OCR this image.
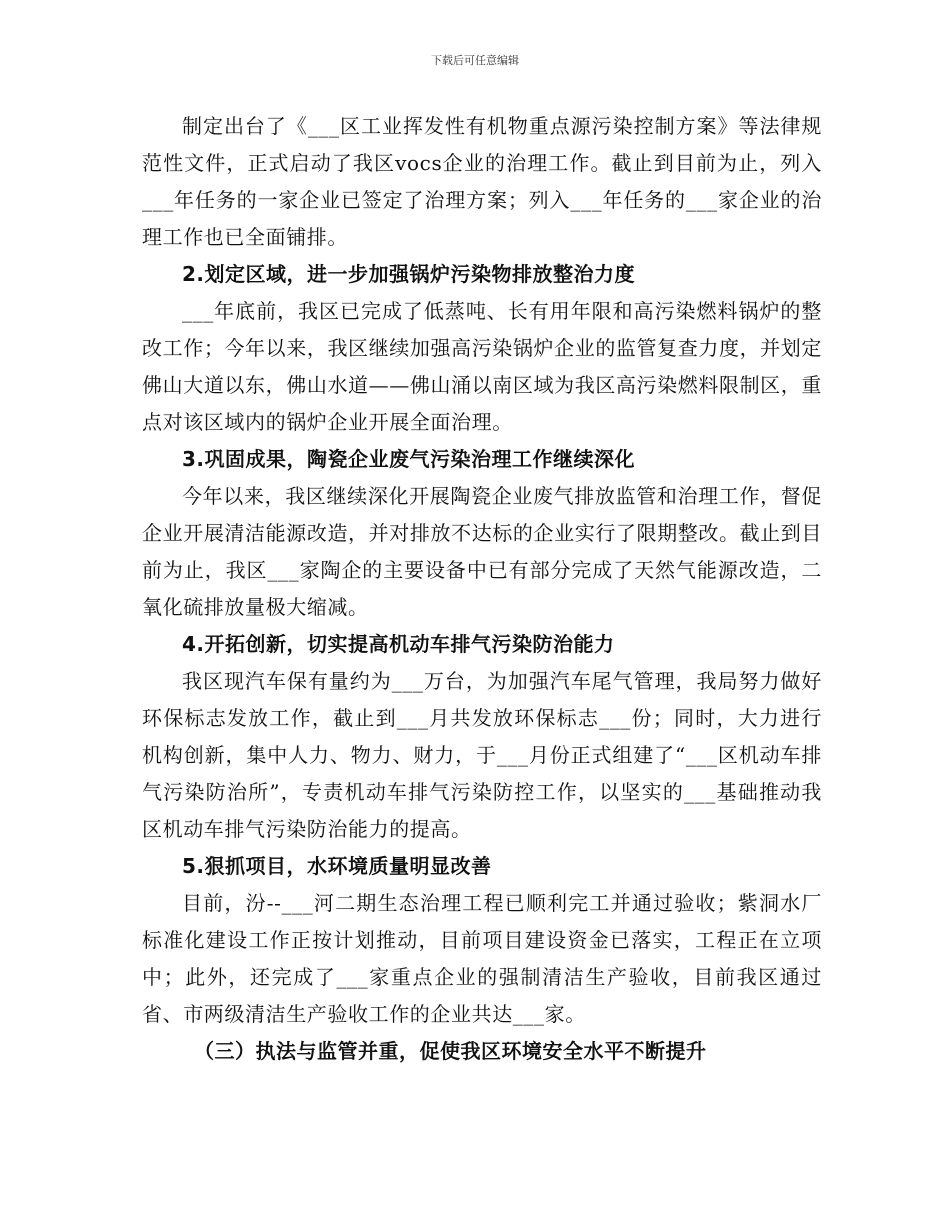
下载后可任意编辑

制定出台了《___区工业挥发性有机物重点源污染控制方案》等法律规范性文件，正式启动了我区vocs企业的治理工作。截止到目前为止，列入___年任务的一家企业已签定了治理方案；列入___年任务的___家企业的治理工作也已全面铺排。

2.划定区域，进一步加强锅炉污染物排放整治力度

___年底前，我区已完成了低蒸吨、长有用年限和高污染燃料锅炉的整改工作；今年以来，我区继续加强高污染锅炉企业的监管复查力度，并划定佛山大道以东，佛山水道——佛山涌以南区域为我区高污染燃料限制区，重点对该区域内的锅炉企业开展全面治理。

3.巩固成果，陶瓷企业废气污染治理工作继续深化

今年以来，我区继续深化开展陶瓷企业废气排放监管和治理工作，督促企业开展清洁能源改造，并对排放不达标的企业实行了限期整改。截止到目前为止，我区___家陶企的主要设备中已有部分完成了天然气能源改造，二氧化硫排放量极大缩减。

4.开拓创新，切实提高机动车排气污染防治能力

我区现汽车保有量约为___万台，为加强汽车尾气管理，我局努力做好环保标志发放工作，截止到___月共发放环保标志___份；同时，大力进行机构创新，集中人力、物力、财力，于___月份正式组建了“___区机动车排气污染防治所”，专责机动车排气污染防控工作，以坚实的___基础推动我区机动车排气污染防治能力的提高。

5.狠抓项目，水环境质量明显改善

目前，汾--___河二期生态治理工程已顺利完工并通过验收；紫洞水厂标准化建设工作正按计划推动，目前项目建设资金已落实，工程正在立项中；此外，还完成了___家重点企业的强制清洁生产验收，目前我区通过省、市两级清洁生产验收工作的企业共达___家。

（三）执法与监管并重，促使我区环境安全水平不断提升
